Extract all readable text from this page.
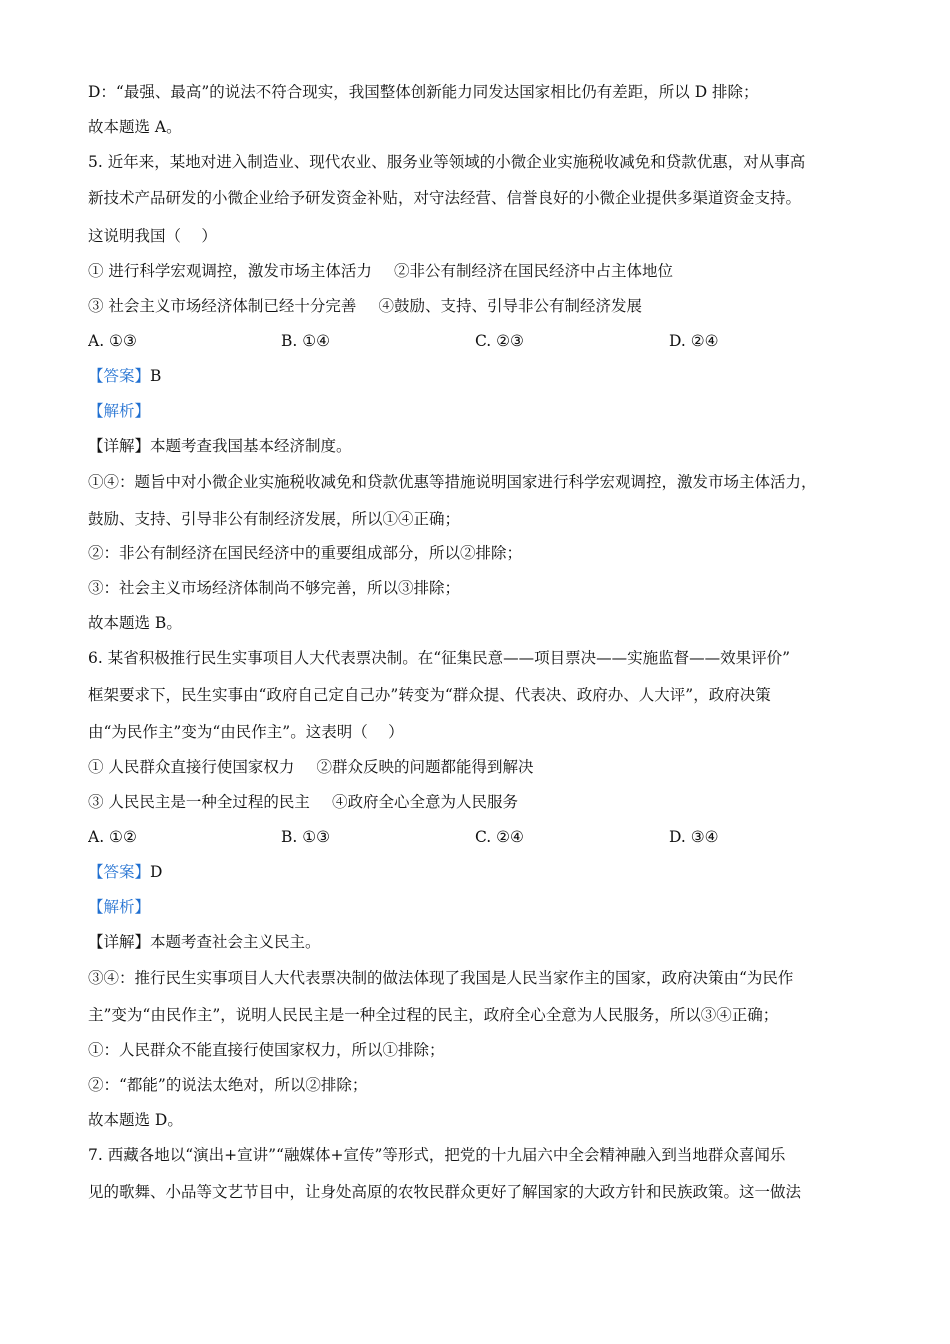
D：“最强、最高”的说法不符合现实，我国整体创新能力同发达国家相比仍有差距，所以 D 排除；
故本题选 A。
5. 近年来，某地对进入制造业、现代农业、服务业等领域的小微企业实施税收减免和贷款优惠，对从事高
新技术产品研发的小微企业给予研发资金补贴，对守法经营、信誉良好的小微企业提供多渠道资金支持。
这说明我国（　 ）
① 进行科学宏观调控，激发市场主体活力 ②非公有制经济在国民经济中占主体地位
③ 社会主义市场经济体制已经十分完善 ④鼓励、支持、引导非公有制经济发展
A. ①③	B. ①④	C. ②③	D. ②④
【答案】B
【解析】
【详解】本题考查我国基本经济制度。
①④：题旨中对小微企业实施税收减免和贷款优惠等措施说明国家进行科学宏观调控，激发市场主体活力，
鼓励、支持、引导非公有制经济发展，所以①④正确；
②：非公有制经济在国民经济中的重要组成部分，所以②排除；
③：社会主义市场经济体制尚不够完善，所以③排除；
故本题选 B。
6. 某省积极推行民生实事项目人大代表票决制。在“征集民意——项目票决——实施监督——效果评价”
框架要求下，民生实事由“政府自己定自己办”转变为“群众提、代表决、政府办、人大评”，政府决策
由“为民作主”变为“由民作主”。这表明（　 ）
① 人民群众直接行使国家权力 ②群众反映的问题都能得到解决
③ 人民民主是一种全过程的民主 ④政府全心全意为人民服务
A. ①②	B. ①③	C. ②④	D. ③④
【答案】D
【解析】
【详解】本题考查社会主义民主。
③④：推行民生实事项目人大代表票决制的做法体现了我国是人民当家作主的国家，政府决策由“为民作
主”变为“由民作主”，说明人民民主是一种全过程的民主，政府全心全意为人民服务，所以③④正确；
①：人民群众不能直接行使国家权力，所以①排除；
②：“都能”的说法太绝对，所以②排除；
故本题选 D。
7. 西藏各地以“演出+宣讲”“融媒体+宣传”等形式，把党的十九届六中全会精神融入到当地群众喜闻乐
见的歌舞、小品等文艺节目中，让身处高原的农牧民群众更好了解国家的大政方针和民族政策。这一做法
